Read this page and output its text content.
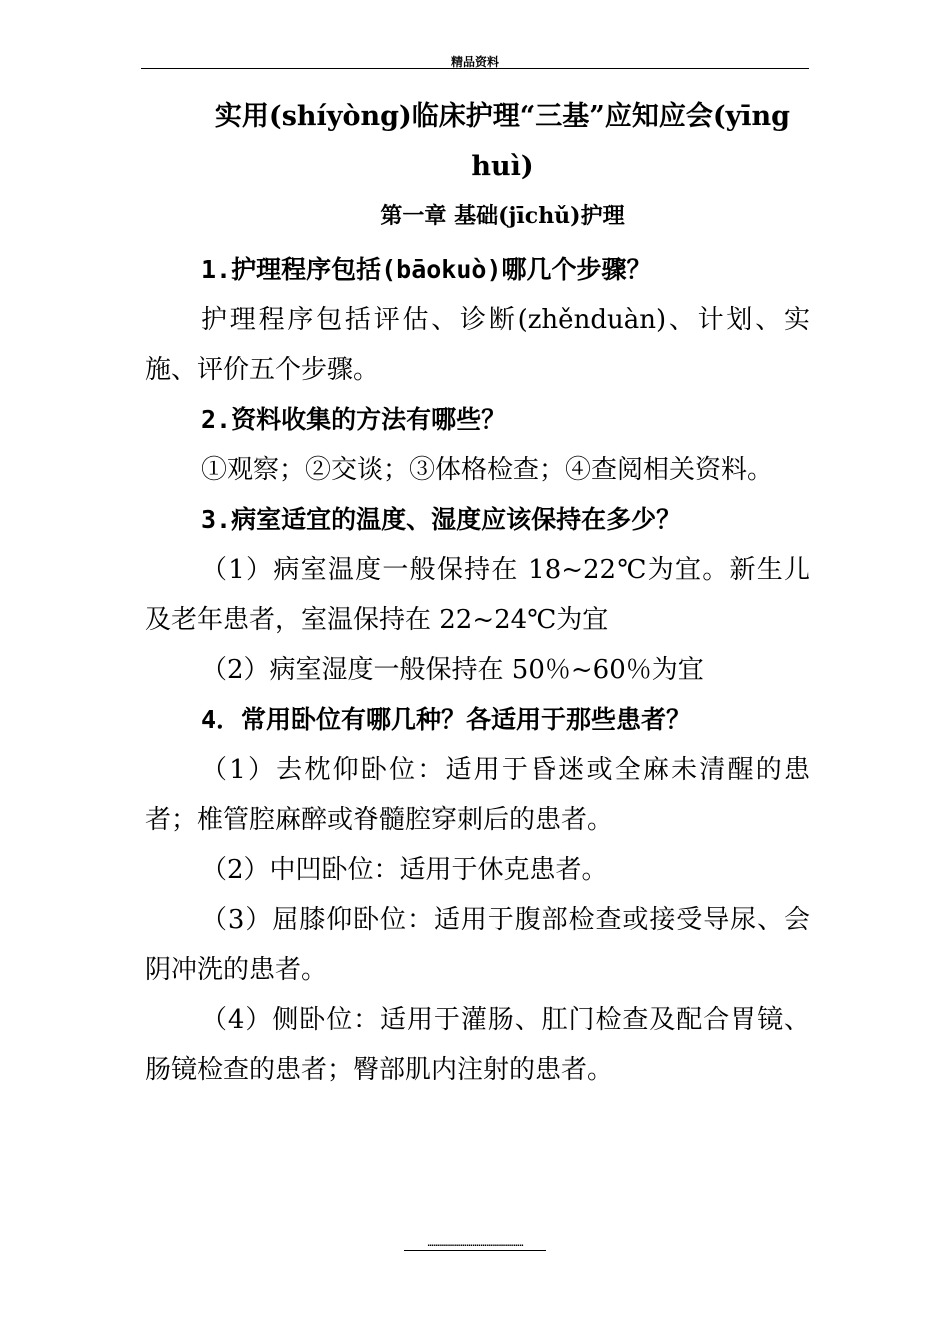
精品资料
实用(shíyòng)临床护理“三基”应知应会(yīng huì)
第一章 基础(jīchǔ)护理

1.护理程序包括(bāokuò)哪几个步骤？

护理程序包括评估、诊断(zhěnduàn)、计划、实施、评价五个步骤。

2.资料收集的方法有哪些？

①观察；②交谈；③体格检查；④查阅相关资料。

3.病室适宜的温度、湿度应该保持在多少？

（1）病室温度一般保持在 18~22℃为宜。新生儿及老年患者，室温保持在 22~24℃为宜

（2）病室湿度一般保持在 50％~60％为宜

4．常用卧位有哪几种？各适用于那些患者？

（1）去枕仰卧位：适用于昏迷或全麻未清醒的患者；椎管腔麻醉或脊髓腔穿刺后的患者。

（2）中凹卧位：适用于休克患者。

（3）屈膝仰卧位：适用于腹部检查或接受导尿、会阴冲洗的患者。

（4）侧卧位：适用于灌肠、肛门检查及配合胃镜、肠镜检查的患者；臀部肌内注射的患者。

...............................................
